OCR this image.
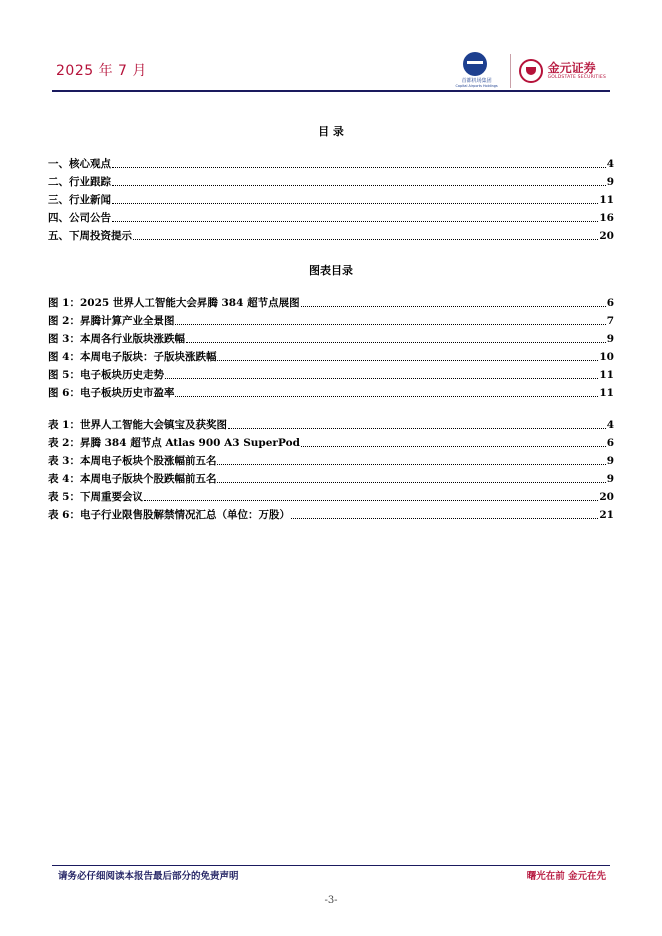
2025 年 7 月
首都机场集团
Capital Airports Holdings
金元证券
GOLDSTATE SECURITIES
目 录
一、核心观点	4
二、行业跟踪	9
三、行业新闻	11
四、公司公告	16
五、下周投资提示	20
图表目录
图 1：2025 世界人工智能大会昇腾 384 超节点展图	6
图 2：昇腾计算产业全景图	7
图 3：本周各行业版块涨跌幅	9
图 4：本周电子版块：子版块涨跌幅	10
图 5：电子板块历史走势	11
图 6：电子板块历史市盈率	11
表 1：世界人工智能大会镇宝及获奖图	4
表 2：昇腾 384 超节点 Atlas 900 A3 SuperPod	6
表 3：本周电子板块个股涨幅前五名	9
表 4：本周电子版块个股跌幅前五名	9
表 5：下周重要会议	20
表 6：电子行业限售股解禁情况汇总（单位：万股）	21
请务必仔细阅读本报告最后部分的免责声明	曙光在前 金元在先
-3-
